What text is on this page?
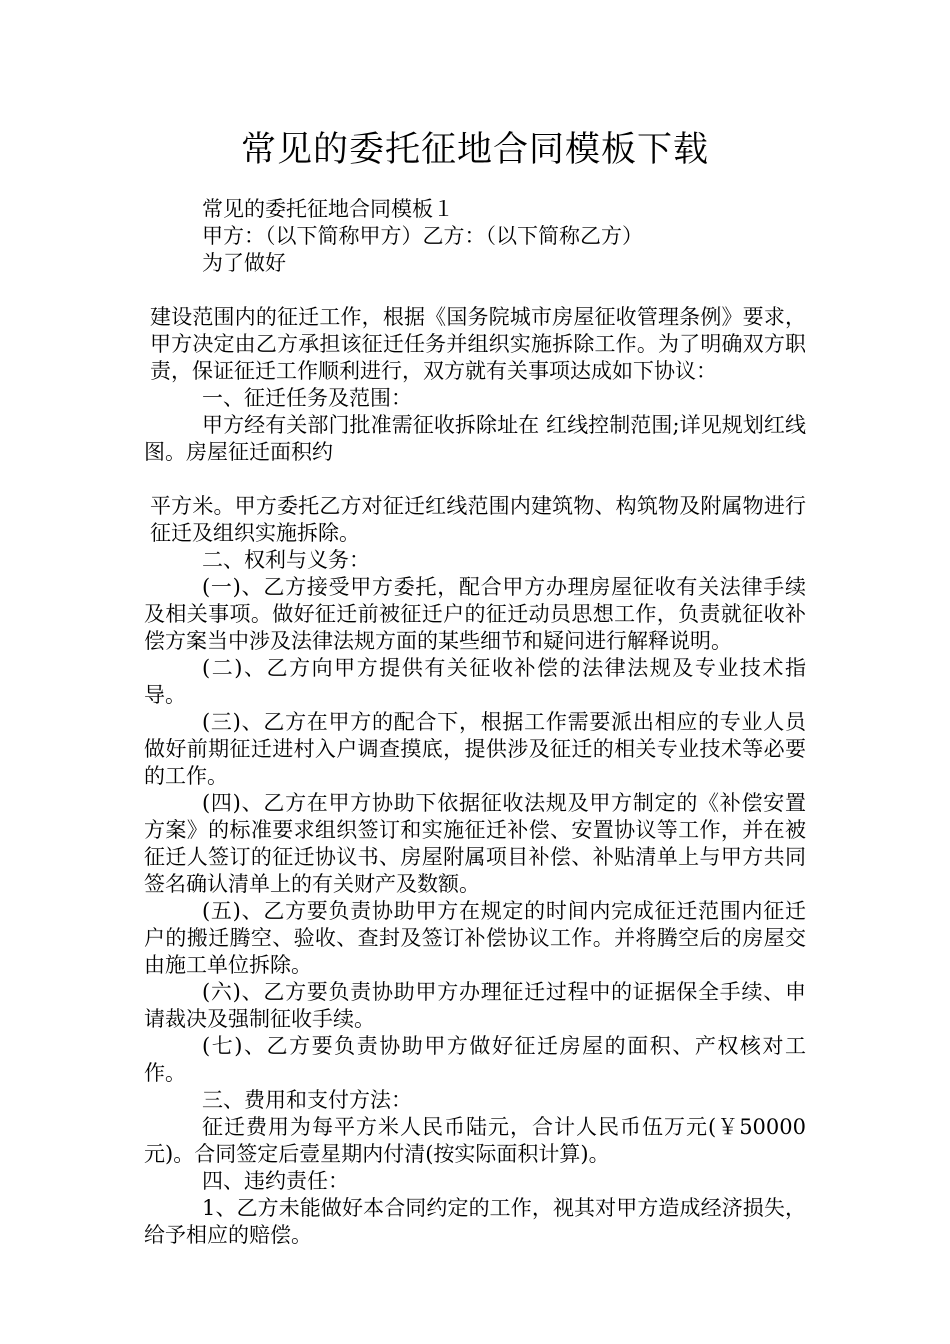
常见的委托征地合同模板下载
常见的委托征地合同模板１
甲方：（以下简称甲方）乙方：（以下简称乙方）
为了做好

建设范围内的征迁工作，根据《国务院城市房屋征收管理条例》要求，甲方决定由乙方承担该征迁任务并组织实施拆除工作。为了明确双方职责，保证征迁工作顺利进行，双方就有关事项达成如下协议：

一、征迁任务及范围：

甲方经有关部门批准需征收拆除址在 红线控制范围;详见规划红线图。房屋征迁面积约

平方米。甲方委托乙方对征迁红线范围内建筑物、构筑物及附属物进行征迁及组织实施拆除。

二、权利与义务：

(一)、乙方接受甲方委托，配合甲方办理房屋征收有关法律手续及相关事项。做好征迁前被征迁户的征迁动员思想工作，负责就征收补偿方案当中涉及法律法规方面的某些细节和疑问进行解释说明。

(二)、乙方向甲方提供有关征收补偿的法律法规及专业技术指导。

(三)、乙方在甲方的配合下，根据工作需要派出相应的专业人员做好前期征迁进村入户调查摸底，提供涉及征迁的相关专业技术等必要的工作。

(四)、乙方在甲方协助下依据征收法规及甲方制定的《补偿安置方案》的标准要求组织签订和实施征迁补偿、安置协议等工作，并在被征迁人签订的征迁协议书、房屋附属项目补偿、补贴清单上与甲方共同签名确认清单上的有关财产及数额。

(五)、乙方要负责协助甲方在规定的时间内完成征迁范围内征迁户的搬迁腾空、验收、查封及签订补偿协议工作。并将腾空后的房屋交由施工单位拆除。

(六)、乙方要负责协助甲方办理征迁过程中的证据保全手续、申请裁决及强制征收手续。

(七)、乙方要负责协助甲方做好征迁房屋的面积、产权核对工作。

三、费用和支付方法：

征迁费用为每平方米人民币陆元，合计人民币伍万元(￥50000元)。合同签定后壹星期内付清(按实际面积计算)。

四、违约责任：

1、乙方未能做好本合同约定的工作，视其对甲方造成经济损失，给予相应的赔偿。
